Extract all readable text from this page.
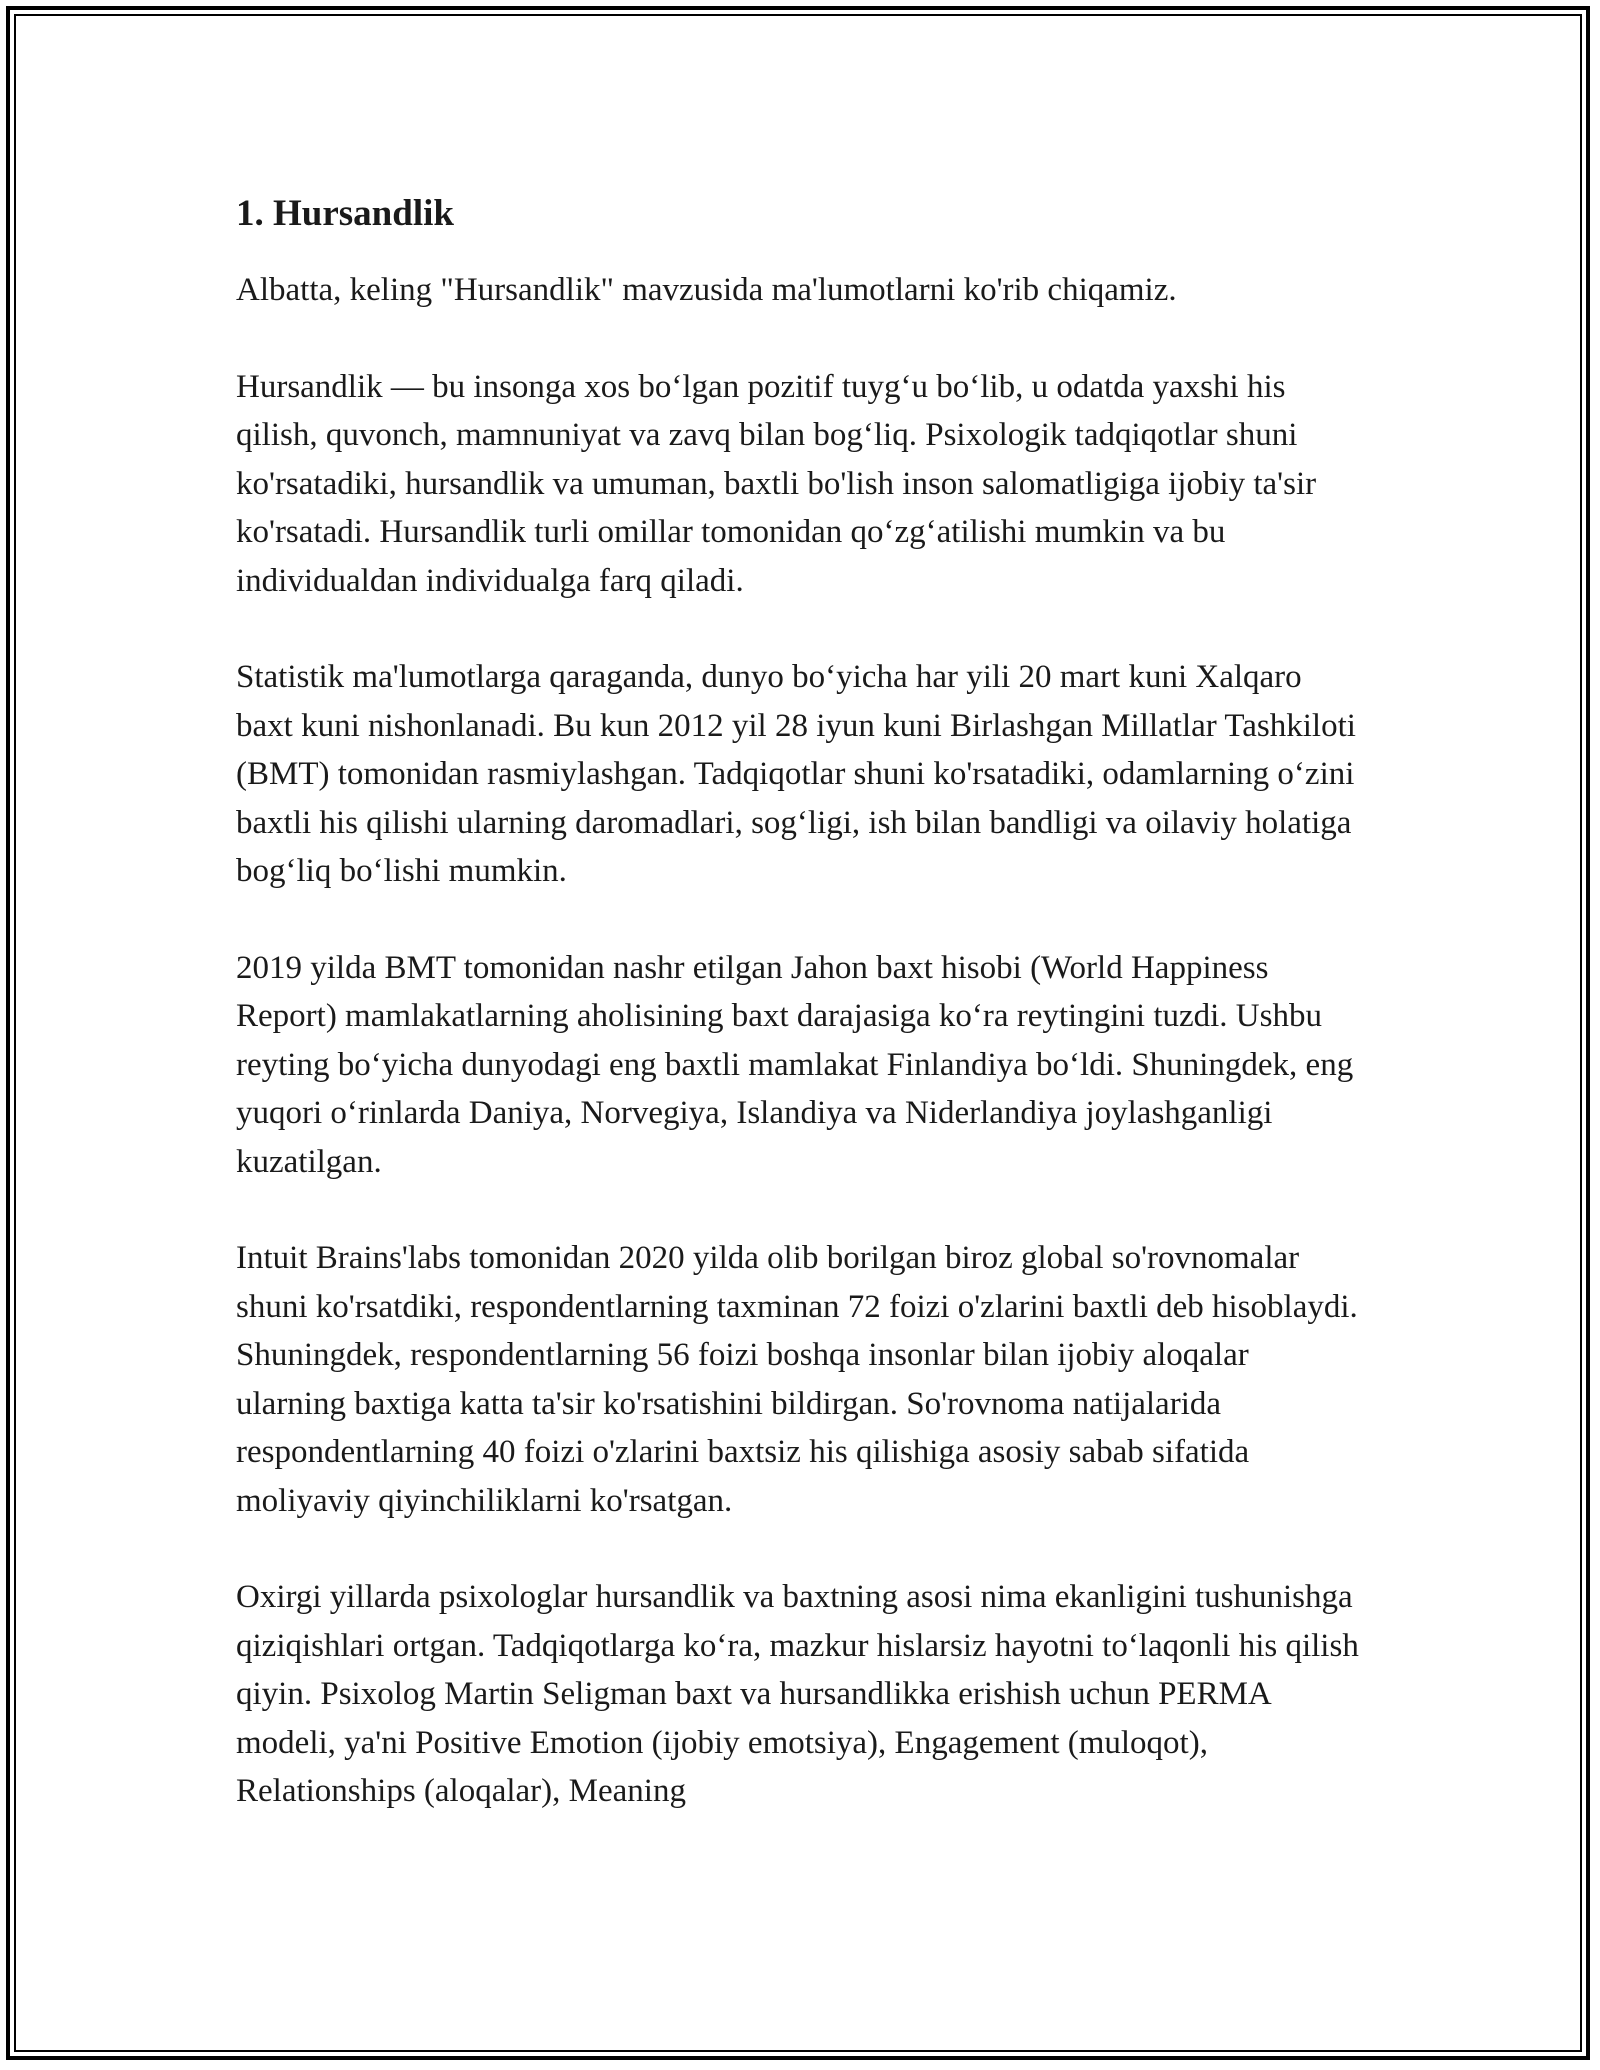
1. Hursandlik

Albatta, keling "Hursandlik" mavzusida ma'lumotlarni ko'rib chiqamiz.

Hursandlik — bu insonga xos bo‘lgan pozitif tuyg‘u bo‘lib, u odatda yaxshi his qilish, quvonch, mamnuniyat va zavq bilan bog‘liq. Psixologik tadqiqotlar shuni ko'rsatadiki, hursandlik va umuman, baxtli bo'lish inson salomatligiga ijobiy ta'sir ko'rsatadi. Hursandlik turli omillar tomonidan qo‘zg‘atilishi mumkin va bu individualdan individualga farq qiladi.

Statistik ma'lumotlarga qaraganda, dunyo bo‘yicha har yili 20 mart kuni Xalqaro baxt kuni nishonlanadi. Bu kun 2012 yil 28 iyun kuni Birlashgan Millatlar Tashkiloti (BMT) tomonidan rasmiylashgan. Tadqiqotlar shuni ko'rsatadiki, odamlarning o‘zini baxtli his qilishi ularning daromadlari, sog‘ligi, ish bilan bandligi va oilaviy holatiga bog‘liq bo‘lishi mumkin.

2019 yilda BMT tomonidan nashr etilgan Jahon baxt hisobi (World Happiness Report) mamlakatlarning aholisining baxt darajasiga ko‘ra reytingini tuzdi. Ushbu reyting bo‘yicha dunyodagi eng baxtli mamlakat Finlandiya bo‘ldi. Shuningdek, eng yuqori o‘rinlarda Daniya, Norvegiya, Islandiya va Niderlandiya joylashganligi kuzatilgan.

Intuit Brains'labs tomonidan 2020 yilda olib borilgan biroz global so'rovnomalar shuni ko'rsatdiki, respondentlarning taxminan 72 foizi o'zlarini baxtli deb hisoblaydi. Shuningdek, respondentlarning 56 foizi boshqa insonlar bilan ijobiy aloqalar ularning baxtiga katta ta'sir ko'rsatishini bildirgan. So'rovnoma natijalarida respondentlarning 40 foizi o'zlarini baxtsiz his qilishiga asosiy sabab sifatida moliyaviy qiyinchiliklarni ko'rsatgan.

Oxirgi yillarda psixologlar hursandlik va baxtning asosi nima ekanligini tushunishga qiziqishlari ortgan. Tadqiqotlarga ko‘ra, mazkur hislarsiz hayotni to‘laqonli his qilish qiyin. Psixolog Martin Seligman baxt va hursandlikka erishish uchun PERMA modeli, ya'ni Positive Emotion (ijobiy emotsiya), Engagement (muloqot), Relationships (aloqalar), Meaning
